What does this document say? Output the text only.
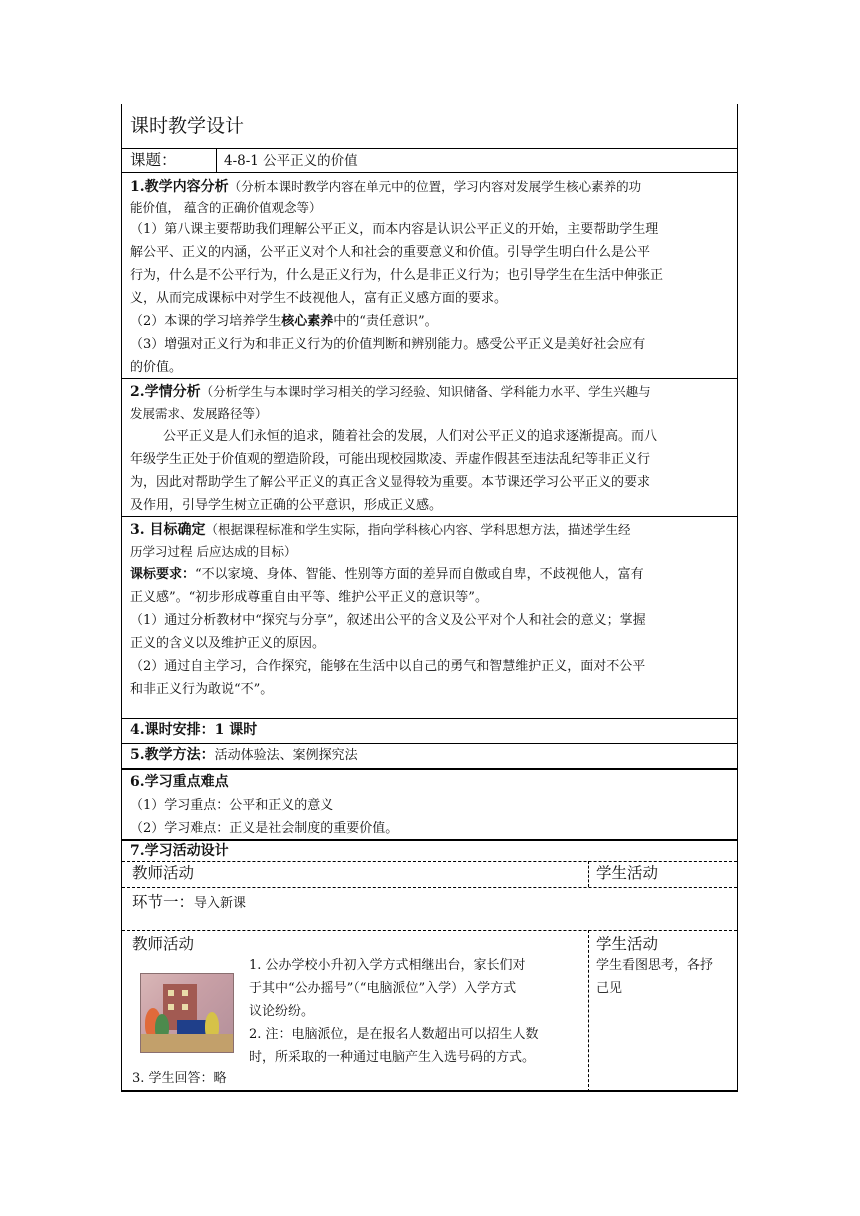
课时教学设计
课题：	4-8-1 公平正义的价值
1.教学内容分析（分析本课时教学内容在单元中的位置，学习内容对发展学生核心素养的功
能价值， 蕴含的正确价值观念等）
（1）第八课主要帮助我们理解公平正义，而本内容是认识公平正义的开始，主要帮助学生理
解公平、正义的内涵，公平正义对个人和社会的重要意义和价值。引导学生明白什么是公平
行为，什么是不公平行为，什么是正义行为，什么是非正义行为；也引导学生在生活中伸张正
义，从而完成课标中对学生不歧视他人，富有正义感方面的要求。
（2）本课的学习培养学生核心素养中的“责任意识”。
（3）增强对正义行为和非正义行为的价值判断和辨别能力。感受公平正义是美好社会应有
的价值。
2.学情分析（分析学生与本课时学习相关的学习经验、知识储备、学科能力水平、学生兴趣与
发展需求、发展路径等）
公平正义是人们永恒的追求，随着社会的发展，人们对公平正义的追求逐渐提高。而八
年级学生正处于价值观的塑造阶段，可能出现校园欺凌、弄虚作假甚至违法乱纪等非正义行
为，因此对帮助学生了解公平正义的真正含义显得较为重要。本节课还学习公平正义的要求
及作用，引导学生树立正确的公平意识，形成正义感。
3. 目标确定（根据课程标准和学生实际，指向学科核心内容、学科思想方法，描述学生经
历学习过程 后应达成的目标）
课标要求：“不以家境、身体、智能、性别等方面的差异而自傲或自卑，不歧视他人，富有
正义感”。“初步形成尊重自由平等、维护公平正义的意识等”。
（1）通过分析教材中“探究与分享”，叙述出公平的含义及公平对个人和社会的意义；掌握
正义的含义以及维护正义的原因。
（2）通过自主学习，合作探究，能够在生活中以自己的勇气和智慧维护正义，面对不公平
和非正义行为敢说“不”。
4.课时安排：1 课时
5.教学方法：活动体验法、案例探究法
6.学习重点难点
（1）学习重点：公平和正义的意义
（2）学习难点：正义是社会制度的重要价值。
7.学习活动设计
教师活动	学生活动
环节一：导入新课
教师活动	学生活动
1. 公办学校小升初入学方式相继出台，家长们对
于其中“公办摇号”（“电脑派位”入学）入学方式
议论纷纷。
2. 注：电脑派位，是在报名人数超出可以招生人数
时，所采取的一种通过电脑产生入选号码的方式。
3. 学生回答：略
学生看图思考，各抒
己见
